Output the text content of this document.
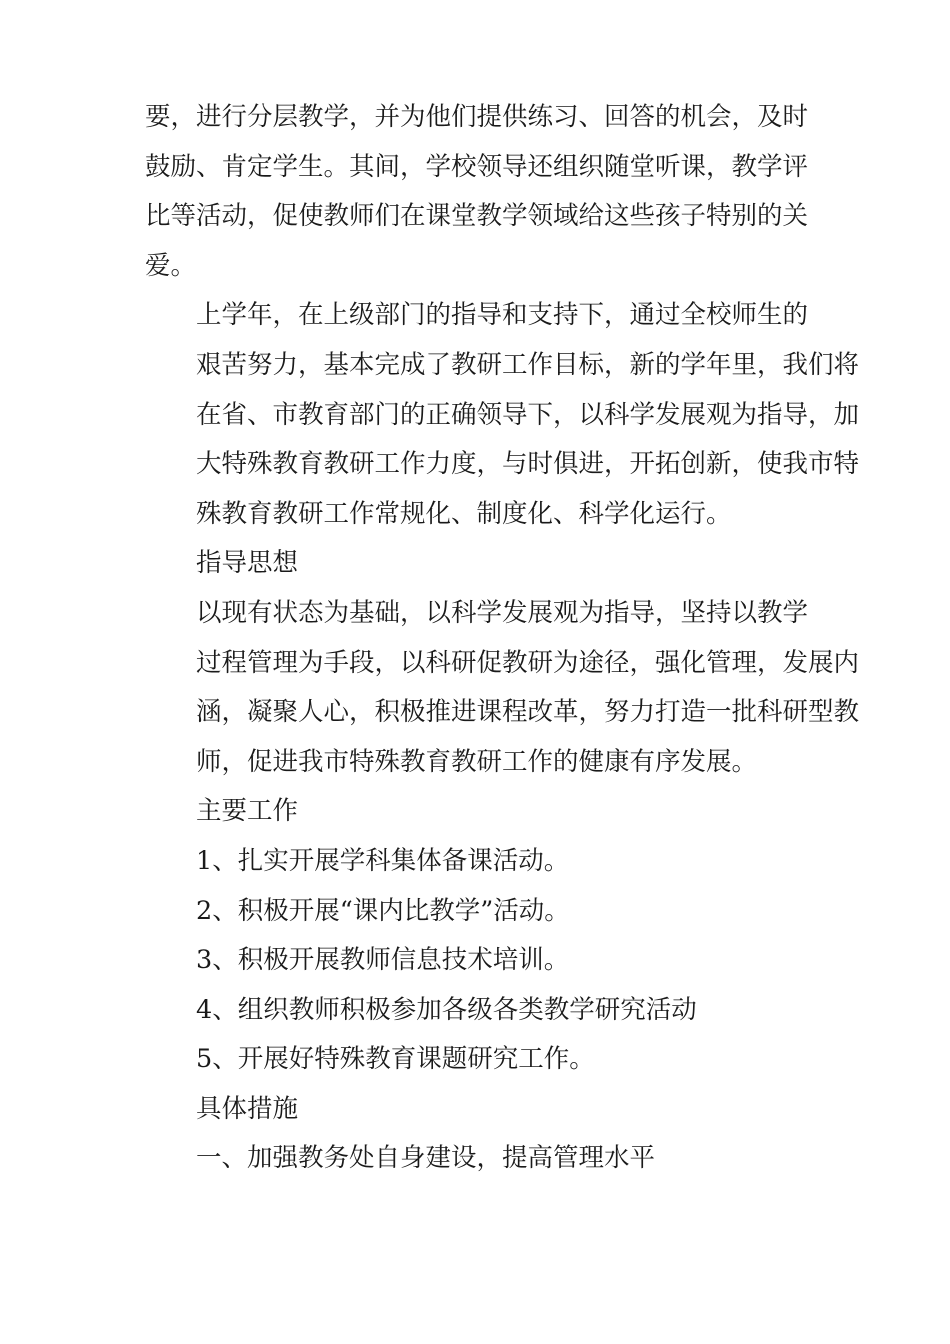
要，进行分层教学，并为他们提供练习、回答的机会，及时
鼓励、肯定学生。其间，学校领导还组织随堂听课，教学评
比等活动，促使教师们在课堂教学领域给这些孩子特别的关
爱。
上学年，在上级部门的指导和支持下，通过全校师生的
艰苦努力，基本完成了教研工作目标，新的学年里，我们将
在省、市教育部门的正确领导下，以科学发展观为指导，加
大特殊教育教研工作力度，与时俱进，开拓创新，使我市特
殊教育教研工作常规化、制度化、科学化运行。
指导思想
以现有状态为基础，以科学发展观为指导，坚持以教学
过程管理为手段，以科研促教研为途径，强化管理，发展内
涵，凝聚人心，积极推进课程改革，努力打造一批科研型教
师，促进我市特殊教育教研工作的健康有序发展。
主要工作
1、扎实开展学科集体备课活动。
2、积极开展“课内比教学”活动。
3、积极开展教师信息技术培训。
4、组织教师积极参加各级各类教学研究活动
5、开展好特殊教育课题研究工作。
具体措施
一、加强教务处自身建设，提高管理水平
